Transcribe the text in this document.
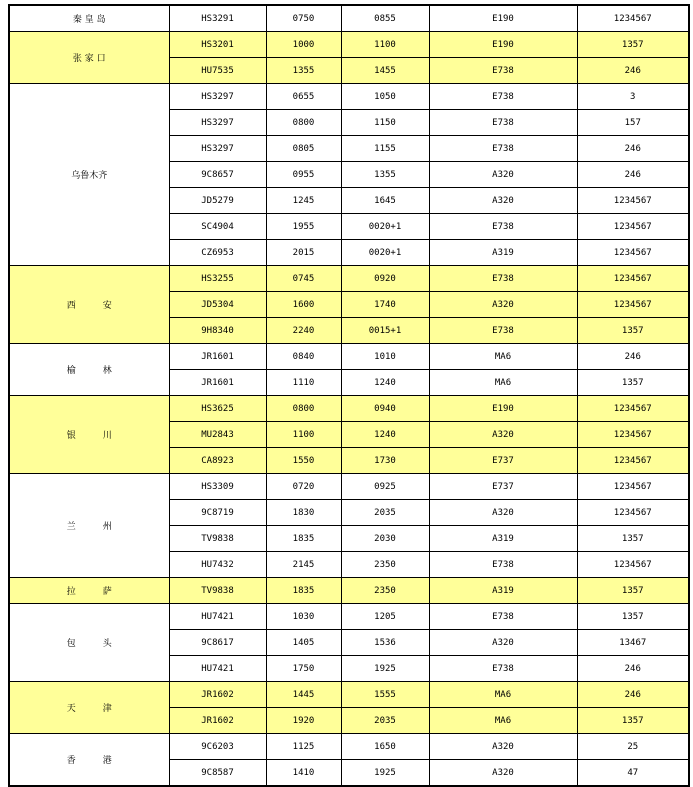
秦 皇 岛	HS3291	0750	0855	E190	1234567
张 家 口	HS3201	1000	1100	E190	1357
	HU7535	1355	1455	E738	246
乌鲁木齐	HS3297	0655	1050	E738	3
	HS3297	0800	1150	E738	157
	HS3297	0805	1155	E738	246
	9C8657	0955	1355	A320	246
	JD5279	1245	1645	A320	1234567
	SC4904	1955	0020+1	E738	1234567
	CZ6953	2015	0020+1	A319	1234567
西　　　安	HS3255	0745	0920	E738	1234567
	JD5304	1600	1740	A320	1234567
	9H8340	2240	0015+1	E738	1357
榆　　　林	JR1601	0840	1010	MA6	246
	JR1601	1110	1240	MA6	1357
银　　　川	HS3625	0800	0940	E190	1234567
	MU2843	1100	1240	A320	1234567
	CA8923	1550	1730	E737	1234567
兰　　　州	HS3309	0720	0925	E737	1234567
	9C8719	1830	2035	A320	1234567
	TV9838	1835	2030	A319	1357
	HU7432	2145	2350	E738	1234567
拉　　　萨	TV9838	1835	2350	A319	1357
包　　　头	HU7421	1030	1205	E738	1357
	9C8617	1405	1536	A320	13467
	HU7421	1750	1925	E738	246
天　　　津	JR1602	1445	1555	MA6	246
	JR1602	1920	2035	MA6	1357
香　　　港	9C6203	1125	1650	A320	25
	9C8587	1410	1925	A320	47
